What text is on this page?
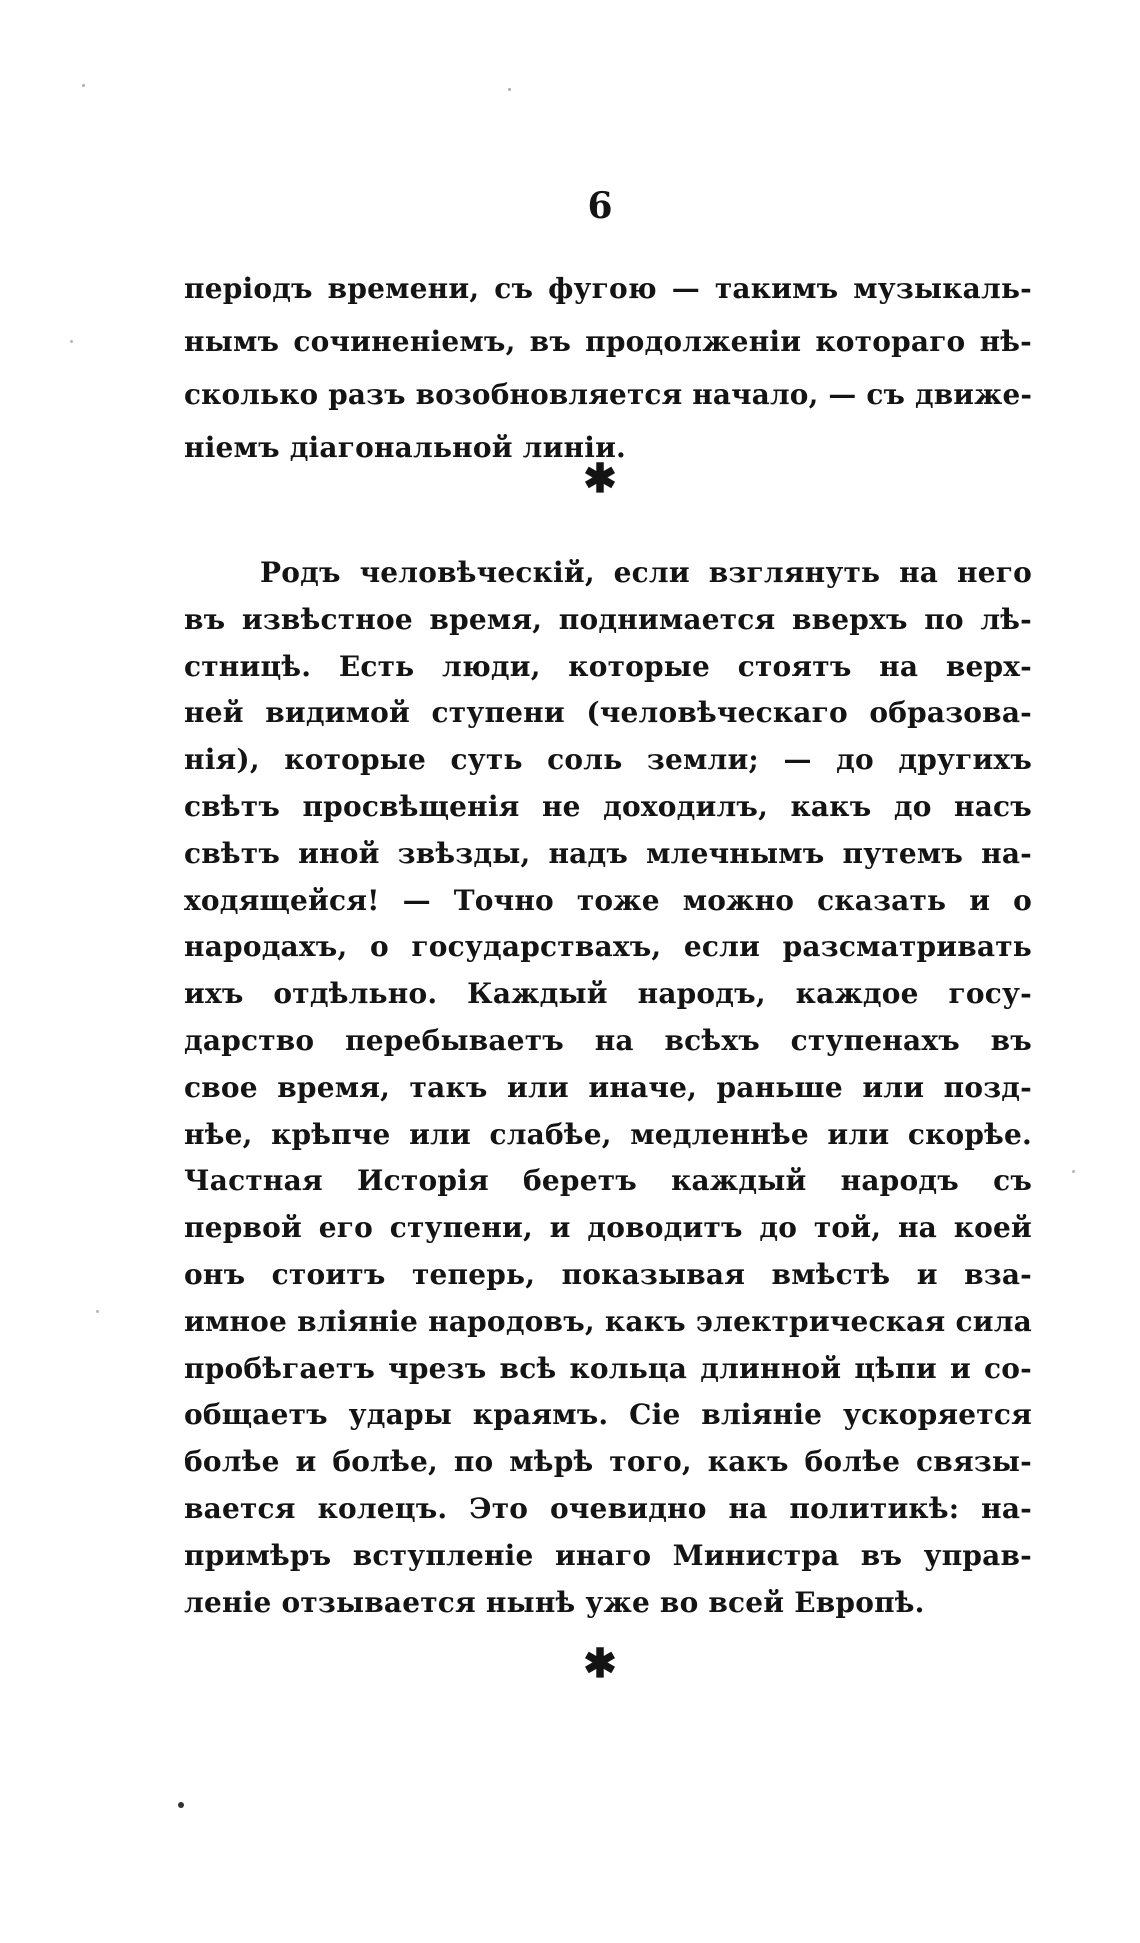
6
періодъ времени, съ фугою — такимъ музыкаль-
нымъ сочиненіемъ, въ продолженіи котораго нѣ-
сколько разъ возобновляется начало, — съ движе-
ніемъ діагональной линіи.
✱
Родъ человѣческій, если взглянуть на него
въ извѣстное время, поднимается вверхъ по лѣ-
стницѣ. Есть люди, которые стоятъ на верх-
ней видимой ступени (человѣческаго образова-
нія), которые суть соль земли; — до другихъ
свѣтъ просвѣщенія не доходилъ, какъ до насъ
свѣтъ иной звѣзды, надъ млечнымъ путемъ на-
ходящейся! — Точно тоже можно сказать и о
народахъ, о государствахъ, если разсматривать
ихъ отдѣльно. Каждый народъ, каждое госу-
дарство перебываетъ на всѣхъ ступенахъ въ
свое время, такъ или иначе, раньше или позд-
нѣе, крѣпче или слабѣе, медленнѣе или скорѣе.
Частная Исторія беретъ каждый народъ съ
первой его ступени, и доводитъ до той, на коей
онъ стоитъ теперь, показывая вмѣстѣ и вза-
имное вліяніе народовъ, какъ электрическая сила
пробѣгаетъ чрезъ всѣ кольца длинной цѣпи и со-
общаетъ удары краямъ. Сіе вліяніе ускоряется
болѣе и болѣе, по мѣрѣ того, какъ болѣе связы-
вается колецъ. Это очевидно на политикѣ: на-
примѣръ вступленіе инаго Министра въ управ-
леніе отзывается нынѣ уже во всей Европѣ.
✱
